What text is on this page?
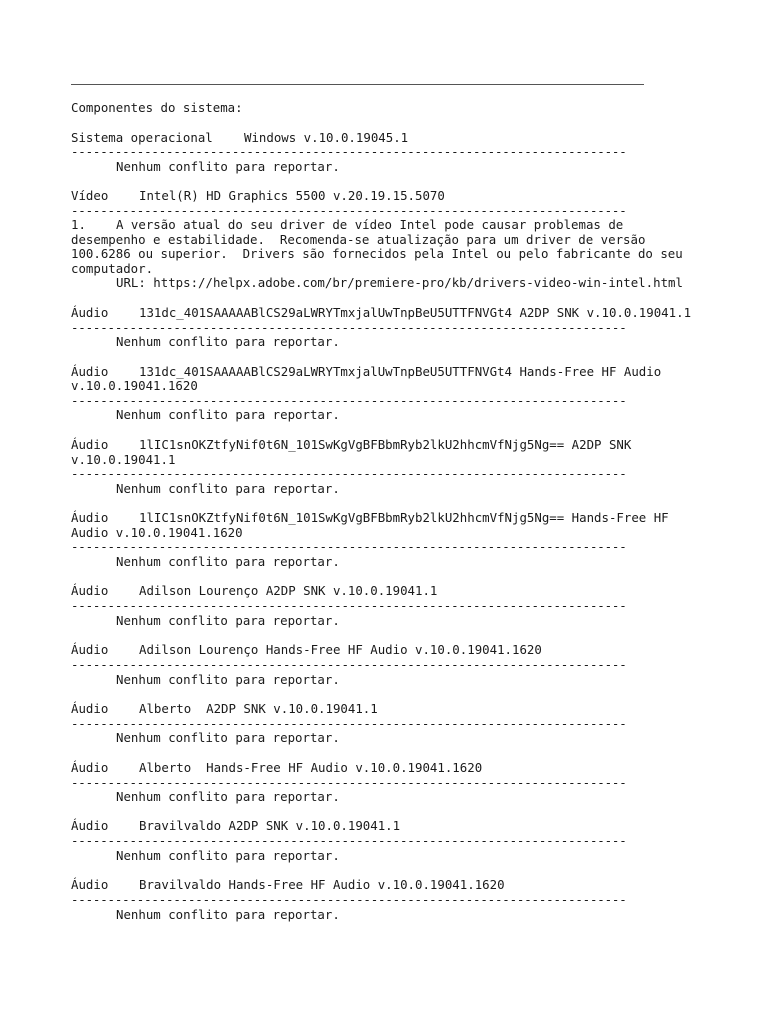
Componentes do sistema:
Sistema operacional	Windows v.10.0.19045.1
----------------------------------------------------------------------------
Nenhum conflito para reportar.
Vídeo Intel(R) HD Graphics 5500 v.20.19.15.5070
----------------------------------------------------------------------------
1. A versão atual do seu driver de vídeo Intel pode causar problemas de
desempenho e estabilidade.  Recomenda-se atualização para um driver de versão
100.6286 ou superior.  Drivers são fornecidos pela Intel ou pelo fabricante do seu
computador.
URL: https://helpx.adobe.com/br/premiere-pro/kb/drivers-video-win-intel.html
Áudio 131dc_401SAAAAABlCS29aLWRYTmxjalUwTnpBeU5UTTFNVGt4 A2DP SNK v.10.0.19041.1
----------------------------------------------------------------------------
Nenhum conflito para reportar.
Áudio 131dc_401SAAAAABlCS29aLWRYTmxjalUwTnpBeU5UTTFNVGt4 Hands-Free HF Audio
v.10.0.19041.1620
----------------------------------------------------------------------------
Nenhum conflito para reportar.
Áudio 1lIC1snOKZtfyNif0t6N_101SwKgVgBFBbmRyb2lkU2hhcmVfNjg5Ng== A2DP SNK
v.10.0.19041.1
----------------------------------------------------------------------------
Nenhum conflito para reportar.
Áudio 1lIC1snOKZtfyNif0t6N_101SwKgVgBFBbmRyb2lkU2hhcmVfNjg5Ng== Hands-Free HF
Audio v.10.0.19041.1620
----------------------------------------------------------------------------
Nenhum conflito para reportar.
Áudio Adilson Lourenço A2DP SNK v.10.0.19041.1
----------------------------------------------------------------------------
Nenhum conflito para reportar.
Áudio Adilson Lourenço Hands-Free HF Audio v.10.0.19041.1620
----------------------------------------------------------------------------
Nenhum conflito para reportar.
Áudio Alberto  A2DP SNK v.10.0.19041.1
----------------------------------------------------------------------------
Nenhum conflito para reportar.
Áudio Alberto  Hands-Free HF Audio v.10.0.19041.1620
----------------------------------------------------------------------------
Nenhum conflito para reportar.
Áudio Bravilvaldo A2DP SNK v.10.0.19041.1
----------------------------------------------------------------------------
Nenhum conflito para reportar.
Áudio Bravilvaldo Hands-Free HF Audio v.10.0.19041.1620
----------------------------------------------------------------------------
Nenhum conflito para reportar.
